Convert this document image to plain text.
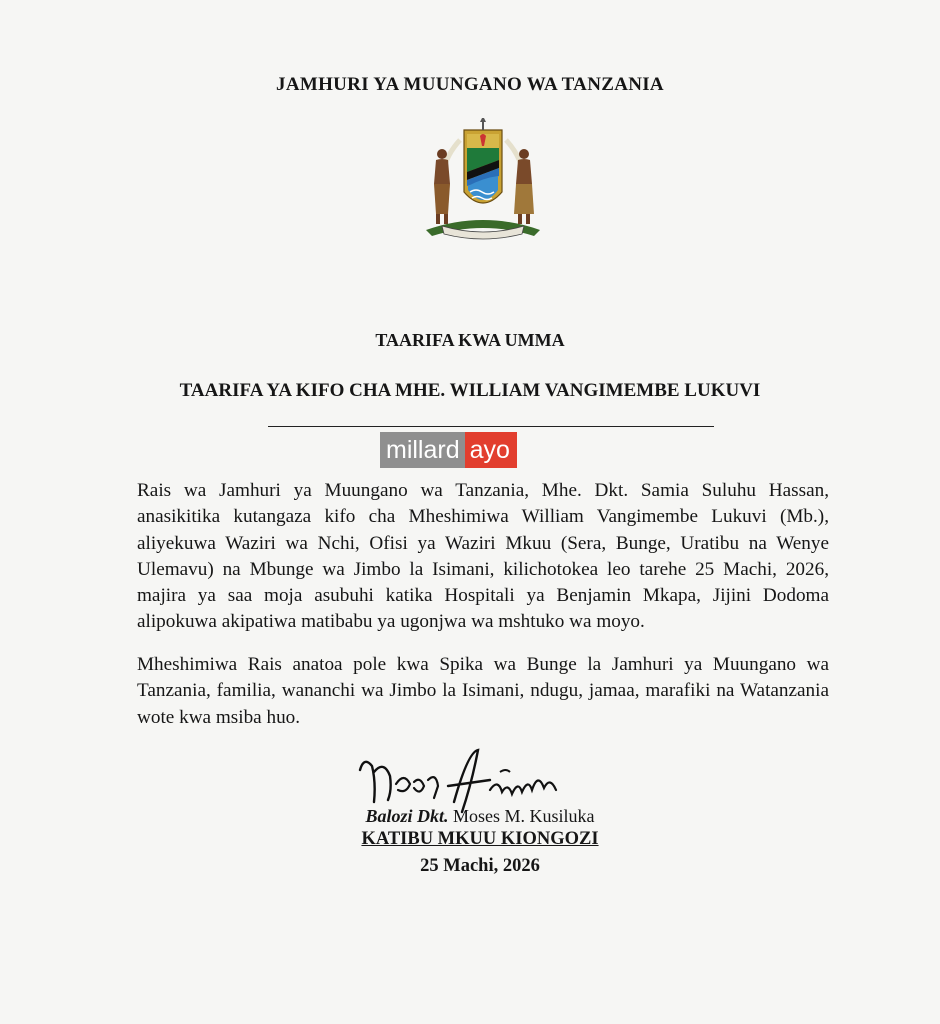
JAMHURI YA MUUNGANO WA TANZANIA
TAARIFA KWA UMMA
TAARIFA YA KIFO CHA MHE. WILLIAM VANGIMEMBE LUKUVI
millard ayo
Rais wa Jamhuri ya Muungano wa Tanzania, Mhe. Dkt. Samia Suluhu Hassan, anasikitika kutangaza kifo cha Mheshimiwa William Vangimembe Lukuvi (Mb.), aliyekuwa Waziri wa Nchi, Ofisi ya Waziri Mkuu (Sera, Bunge, Uratibu na Wenye Ulemavu) na Mbunge wa Jimbo la Isimani, kilichotokea leo tarehe 25 Machi, 2026, majira ya saa moja asubuhi katika Hospitali ya Benjamin Mkapa, Jijini Dodoma alipokuwa akipatiwa matibabu ya ugonjwa wa mshtuko wa moyo.
Mheshimiwa Rais anatoa pole kwa Spika wa Bunge la Jamhuri ya Muungano wa Tanzania, familia, wananchi wa Jimbo la Isimani, ndugu, jamaa, marafiki na Watanzania wote kwa msiba huo.
Balozi Dkt. Moses M. Kusiluka
KATIBU MKUU KIONGOZI
25 Machi, 2026
